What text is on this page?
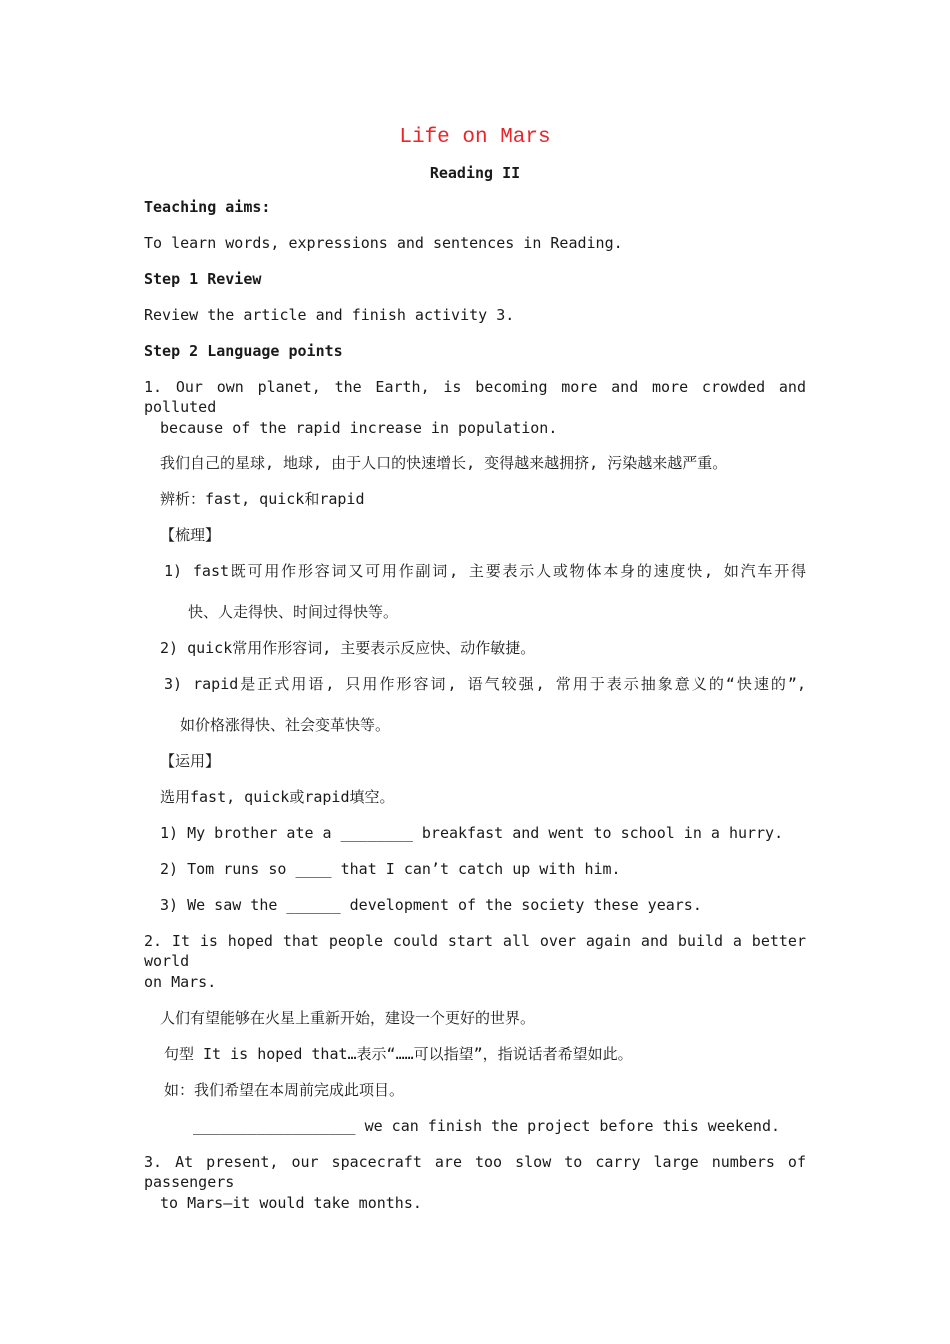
Life on Mars
Reading II
Teaching aims:
To learn words, expressions and sentences in Reading.
Step 1 Review
Review the article and finish activity 3.
Step 2 Language points
1. Our own planet, the Earth, is becoming more and more crowded and polluted
because of the rapid increase in population.
我们自己的星球, 地球, 由于人口的快速增长, 变得越来越拥挤, 污染越来越严重。
辨析：fast, quick和rapid
【梳理】
1) fast既可用作形容词又可用作副词, 主要表示人或物体本身的速度快, 如汽车开得
快、人走得快、时间过得快等。
2) quick常用作形容词, 主要表示反应快、动作敏捷。
3) rapid是正式用语, 只用作形容词, 语气较强, 常用于表示抽象意义的“快速的”,
如价格涨得快、社会变革快等。
【运用】
选用fast, quick或rapid填空。
1) My brother ate a ________ breakfast and went to school in a hurry.
2) Tom runs so ____ that I can’t catch up with him.
3) We saw the ______ development of the society these years.
2. It is hoped that people could start all over again and build a better world
on Mars.
人们有望能够在火星上重新开始，建设一个更好的世界。
句型 It is hoped that…表示“……可以指望”，指说话者希望如此。
如：我们希望在本周前完成此项目。
__________________ we can finish the project before this weekend.
3. At present, our spacecraft are too slow to carry large numbers of passengers
to Mars—it would take months.
